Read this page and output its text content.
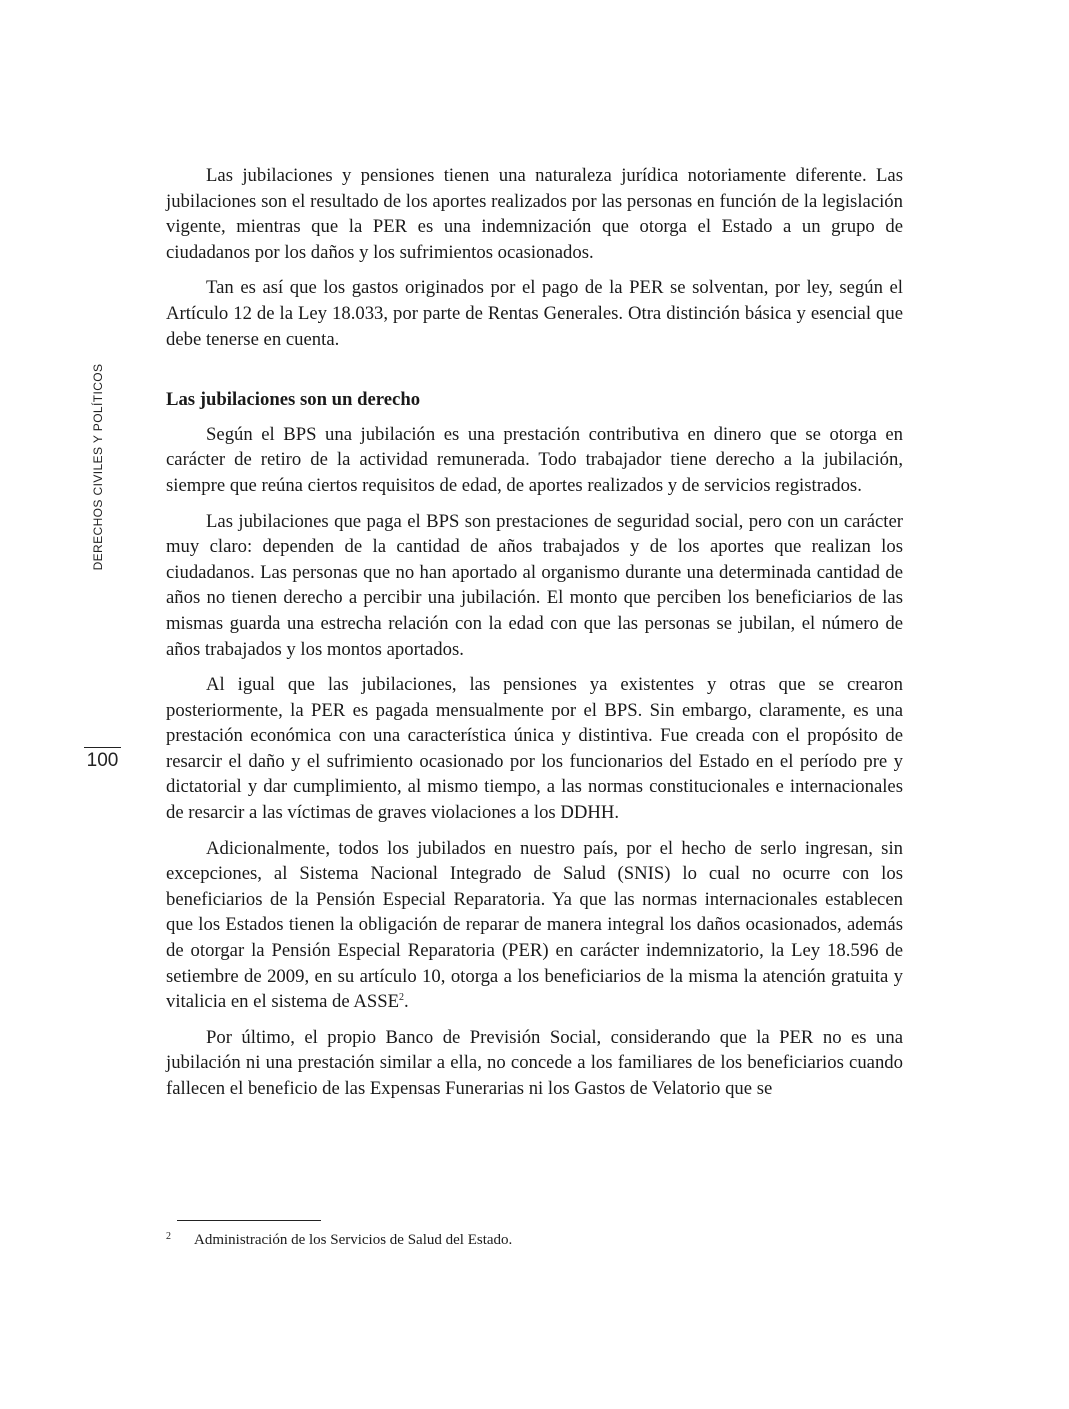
DERECHOS CIVILES Y POLÍTICOS
100

Las jubilaciones y pensiones tienen una naturaleza jurídica notoriamente diferente. Las jubilaciones son el resultado de los aportes realizados por las personas en función de la legislación vigente, mientras que la PER es una indemnización que otorga el Estado a un grupo de ciudadanos por los daños y los sufrimientos ocasionados.

Tan es así que los gastos originados por el pago de la PER se solventan, por ley, según el Artículo 12 de la Ley 18.033, por parte de Rentas Generales. Otra distinción básica y esencial que debe tenerse en cuenta.

Las jubilaciones son un derecho

Según el BPS una jubilación es una prestación contributiva en dinero que se otorga en carácter de retiro de la actividad remunerada. Todo trabajador tiene derecho a la jubilación, siempre que reúna ciertos requisitos de edad, de aportes realizados y de servicios registrados.

Las jubilaciones que paga el BPS son prestaciones de seguridad social, pero con un carácter muy claro: dependen de la cantidad de años trabajados y de los aportes que realizan los ciudadanos. Las personas que no han aportado al organismo durante una determinada cantidad de años no tienen derecho a percibir una jubilación. El monto que perciben los beneficiarios de las mismas guarda una estrecha relación con la edad con que las personas se jubilan, el número de años trabajados y los montos aportados.

Al igual que las jubilaciones, las pensiones ya existentes y otras que se crearon posteriormente, la PER es pagada mensualmente por el BPS. Sin embargo, claramente, es una prestación económica con una característica única y distintiva. Fue creada con el propósito de resarcir el daño y el sufrimiento ocasionado por los funcionarios del Estado en el período pre y dictatorial y dar cumplimiento, al mismo tiempo, a las normas constitucionales e internacionales de resarcir a las víctimas de graves violaciones a los DDHH.

Adicionalmente, todos los jubilados en nuestro país, por el hecho de serlo ingresan, sin excepciones, al Sistema Nacional Integrado de Salud (SNIS) lo cual no ocurre con los beneficiarios de la Pensión Especial Reparatoria. Ya que las normas internacionales establecen que los Estados tienen la obligación de reparar de manera integral los daños ocasionados, además de otorgar la Pensión Especial Reparatoria (PER) en carácter indemnizatorio, la Ley 18.596 de setiembre de 2009, en su artículo 10, otorga a los beneficiarios de la misma la atención gratuita y vitalicia en el sistema de ASSE$^2$.

Por último, el propio Banco de Previsión Social, considerando que la PER no es una jubilación ni una prestación similar a ella, no concede a los familiares de los beneficiarios cuando fallecen el beneficio de las Expensas Funerarias ni los Gastos de Velatorio que se

2 Administración de los Servicios de Salud del Estado.
